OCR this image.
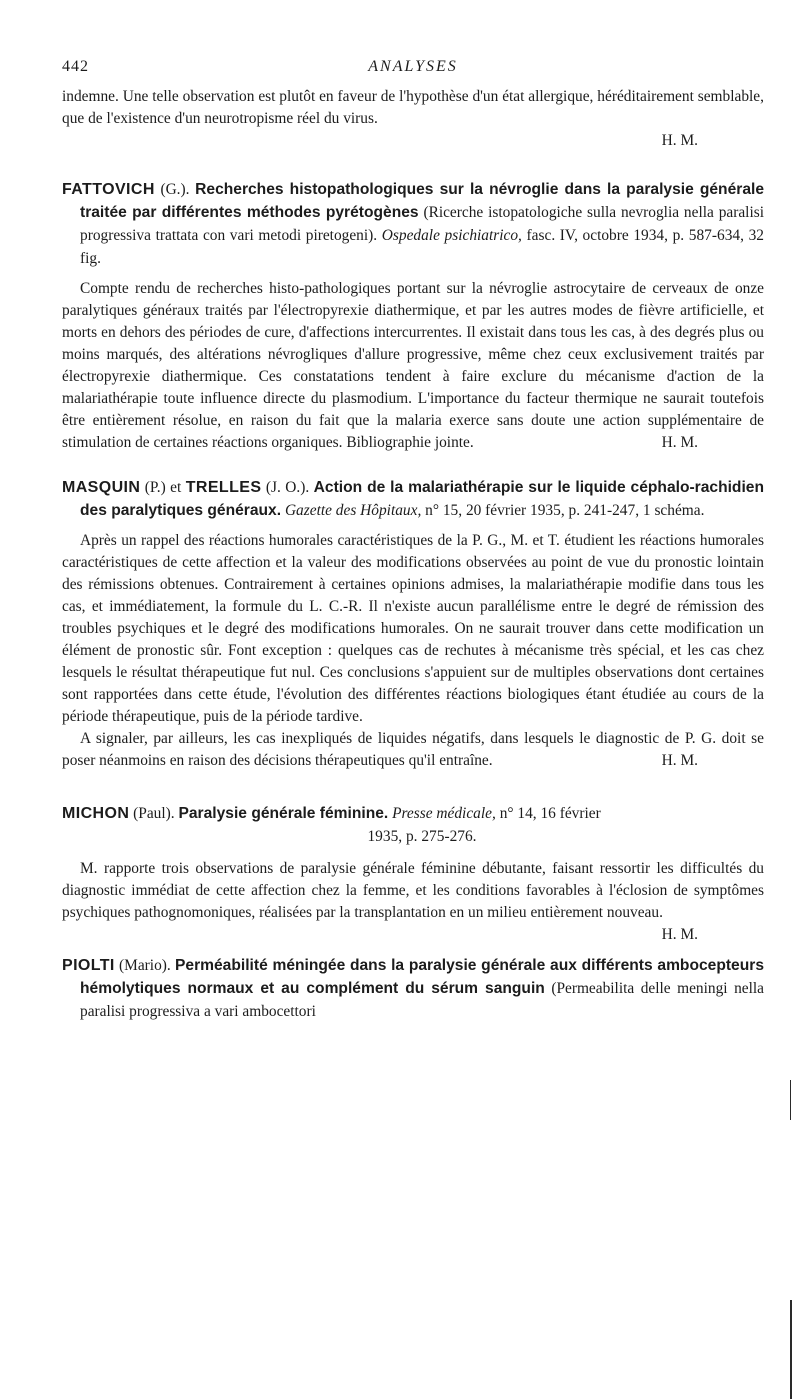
442	ANALYSES

indemne. Une telle observation est plutôt en faveur de l'hypothèse d'un état allergique, héréditairement semblable, que de l'existence d'un neurotropisme réel du virus.

H. M.
FATTOVICH (G.). Recherches histopathologiques sur la névroglie dans la paralysie générale traitée par différentes méthodes pyrétogènes (Ricerche istopatologiche sulla nevroglia nella paralisi progressiva trattata con vari metodi piretogeni). Ospedale psichiatrico, fasc. IV, octobre 1934, p. 587-634, 32 fig.

Compte rendu de recherches histo-pathologiques portant sur la névroglie astrocytaire de cerveaux de onze paralytiques généraux traités par l'électropyrexie diathermique, et par les autres modes de fièvre artificielle, et morts en dehors des périodes de cure, d'affections intercurrentes. Il existait dans tous les cas, à des degrés plus ou moins marqués, des altérations névrogliques d'allure progressive, même chez ceux exclusivement traités par électropyrexie diathermique. Ces constatations tendent à faire exclure du mécanisme d'action de la malariathérapie toute influence directe du plasmodium. L'importance du facteur thermique ne saurait toutefois être entièrement résolue, en raison du fait que la malaria exerce sans doute une action supplémentaire de stimulation de certaines réactions organiques. Bibliographie jointe.	H. M.

MASQUIN (P.) et TRELLES (J. O.). Action de la malariathérapie sur le liquide céphalo-rachidien des paralytiques généraux. Gazette des Hôpitaux, n° 15, 20 février 1935, p. 241-247, 1 schéma.

Après un rappel des réactions humorales caractéristiques de la P. G., M. et T. étudient les réactions humorales caractéristiques de cette affection et la valeur des modifications observées au point de vue du pronostic lointain des rémissions obtenues. Contrairement à certaines opinions admises, la malariathérapie modifie dans tous les cas, et immédiatement, la formule du L. C.-R. Il n'existe aucun parallélisme entre le degré de rémission des troubles psychiques et le degré des modifications humorales. On ne saurait trouver dans cette modification un élément de pronostic sûr. Font exception : quelques cas de rechutes à mécanisme très spécial, et les cas chez lesquels le résultat thérapeutique fut nul. Ces conclusions s'appuient sur de multiples observations dont certaines sont rapportées dans cette étude, l'évolution des différentes réactions biologiques étant étudiée au cours de la période thérapeutique, puis de la période tardive.

A signaler, par ailleurs, les cas inexpliqués de liquides négatifs, dans lesquels le diagnostic de P. G. doit se poser néanmoins en raison des décisions thérapeutiques qu'il entraîne.	H. M.

MICHON (Paul). Paralysie générale féminine. Presse médicale, n° 14, 16 février
1935, p. 275-276.

M. rapporte trois observations de paralysie générale féminine débutante, faisant ressortir les difficultés du diagnostic immédiat de cette affection chez la femme, et les conditions favorables à l'éclosion de symptômes psychiques pathognomoniques, réalisées par la transplantation en un milieu entièrement nouveau.
H. M.

PIOLTI (Mario). Perméabilité méningée dans la paralysie générale aux différents ambocepteurs hémolytiques normaux et au complément du sérum sanguin (Permeabilita delle meningi nella paralisi progressiva a vari ambocettori
